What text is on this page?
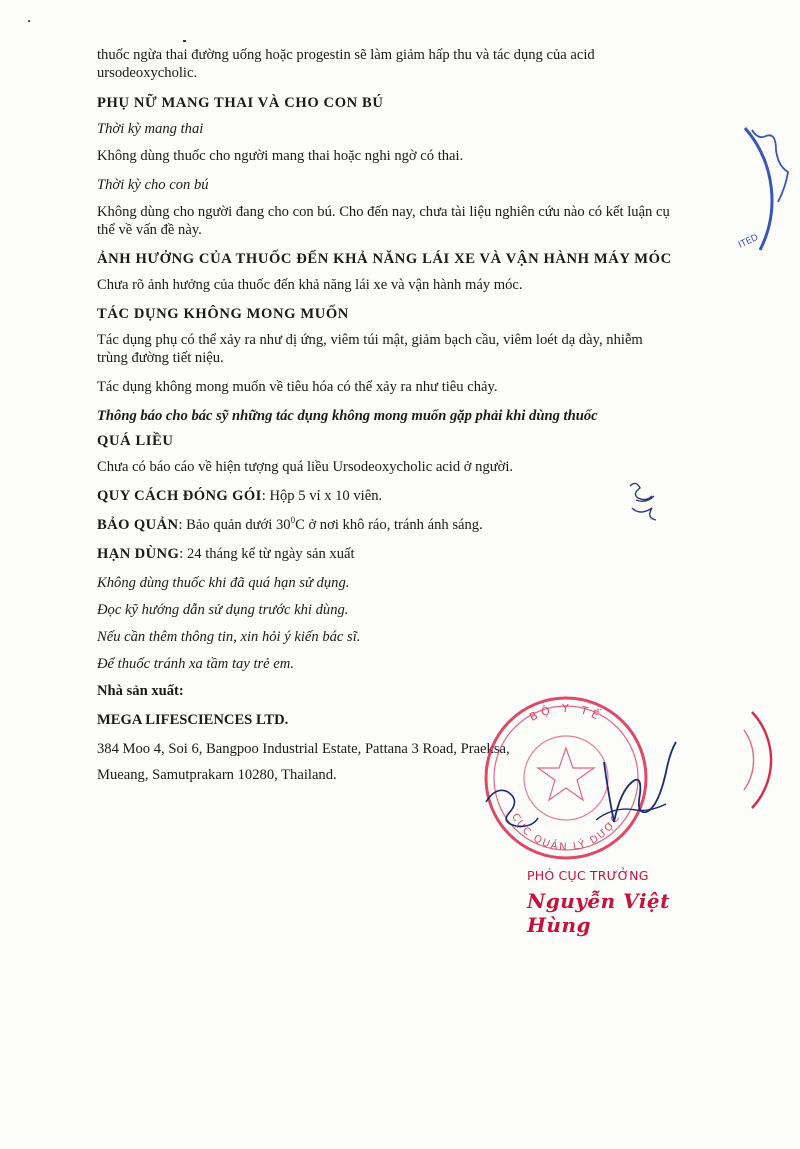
thuốc ngừa thai đường uống hoặc progestin sẽ làm giảm hấp thu và tác dụng của acid ursodeoxycholic.

PHỤ NỮ MANG THAI VÀ CHO CON BÚ

Thời kỳ mang thai

Không dùng thuốc cho người mang thai hoặc nghi ngờ có thai.

Thời kỳ cho con bú

Không dùng cho người đang cho con bú. Cho đến nay, chưa tài liệu nghiên cứu nào có kết luận cụ thể về vấn đề này.

ẢNH HƯỞNG CỦA THUỐC ĐẾN KHẢ NĂNG LÁI XE VÀ VẬN HÀNH MÁY MÓC

Chưa rõ ảnh hưởng của thuốc đến khả năng lái xe và vận hành máy móc.

TÁC DỤNG KHÔNG MONG MUỐN

Tác dụng phụ có thể xảy ra như dị ứng, viêm túi mật, giảm bạch cầu, viêm loét dạ dày, nhiễm trùng đường tiết niệu.

Tác dụng không mong muốn về tiêu hóa có thể xảy ra như tiêu chảy.

Thông báo cho bác sỹ những tác dụng không mong muốn gặp phải khi dùng thuốc

QUÁ LIỀU

Chưa có báo cáo về hiện tượng quá liều Ursodeoxycholic acid ở người.

QUY CÁCH ĐÓNG GÓI: Hộp 5 vỉ x 10 viên.

BẢO QUẢN: Bảo quản dưới $30^0C$ ở nơi khô ráo, tránh ánh sáng.

HẠN DÙNG: 24 tháng kể từ ngày sản xuất

Không dùng thuốc khi đã quá hạn sử dụng.

Đọc kỹ hướng dẫn sử dụng trước khi dùng.

Nếu cần thêm thông tin, xin hỏi ý kiến bác sĩ.

Để thuốc tránh xa tầm tay trẻ em.

Nhà sản xuất:

MEGA LIFESCIENCES LTD.

384 Moo 4, Soi 6, Bangpoo Industrial Estate, Pattana 3 Road, Praeksa,

Mueang, Samutprakarn 10280, Thailand.

ITED
BỘ Y TẾ
CỤC QUẢN LÝ DƯỢC
PHÓ CỤC TRƯỞNG
Nguyễn Việt Hùng
